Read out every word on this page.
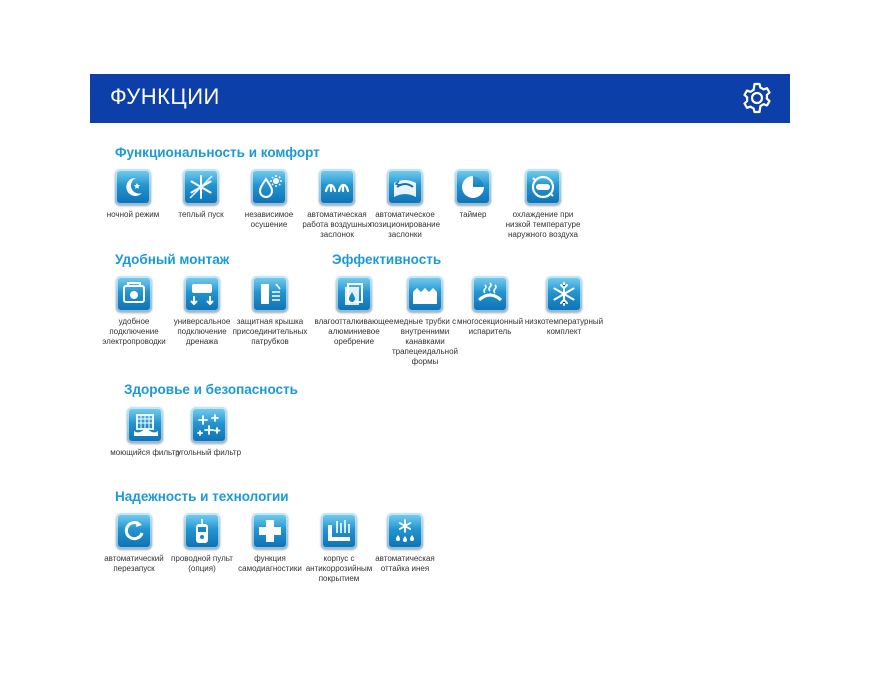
ФУНКЦИИ
Функциональность и комфорт
ночной режим	теплый пуск	независимое осушение
автоматическая работа воздушных заслонок
автоматическое позиционирование заслонки
таймер	охлаждение при низкой температуре наружного воздуха
Удобный монтаж
удобное подключение электропроводки
универсальное подключение дренажа
защитная крышка присоединительных патрубков
Эффективность
влагоотталкивающее алюминиевое оребрение
медные трубки с внутренними канавками трапецеидальной формы
многосекционный испаритель
низкотемпературный комплект
Здоровье и безопасность
моющийся фильтр
угольный фильтр
Надежность и технологии
автоматический перезапуск
проводной пульт (опция)
функция самодиагностики
корпус с антикоррозийным покрытием
автоматическая оттайка инея
